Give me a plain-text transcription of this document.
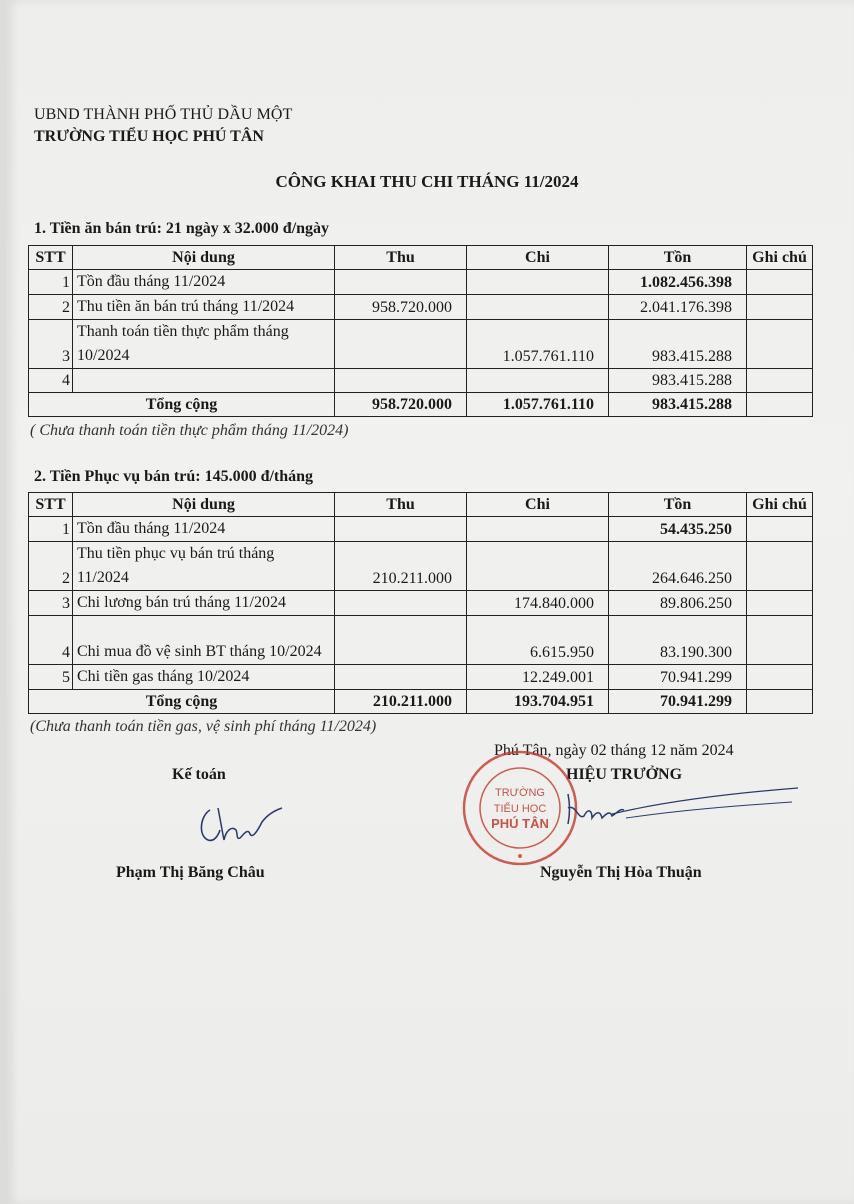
UBND THÀNH PHỐ THỦ DẦU MỘT
TRƯỜNG TIỂU HỌC PHÚ TÂN
CÔNG KHAI THU CHI THÁNG 11/2024
1. Tiền ăn bán trú: 21 ngày x 32.000 đ/ngày
STT	Nội dung	Thu	Chi	Tồn	Ghi chú
1	Tồn đầu tháng 11/2024			1.082.456.398	
2	Thu tiền ăn bán trú tháng 11/2024	958.720.000		2.041.176.398	
3	Thanh toán tiền thực phẩm tháng 10/2024		1.057.761.110	983.415.288	
4				983.415.288	
Tổng cộng		958.720.000	1.057.761.110	983.415.288	
( Chưa thanh toán tiền thực phẩm tháng 11/2024)
2. Tiền Phục vụ bán trú: 145.000 đ/tháng
STT	Nội dung	Thu	Chi	Tồn	Ghi chú
1	Tồn đầu tháng 11/2024			54.435.250	
2	Thu tiền phục vụ bán trú tháng 11/2024	210.211.000		264.646.250	
3	Chi lương bán trú tháng 11/2024		174.840.000	89.806.250	
4	Chi mua đồ vệ sinh BT tháng 10/2024		6.615.950	83.190.300	
5	Chi tiền gas tháng 10/2024		12.249.001	70.941.299	
Tổng cộng		210.211.000	193.704.951	70.941.299	
(Chưa thanh toán tiền gas, vệ sinh phí tháng 11/2024)
Phú Tân, ngày 02 tháng 12 năm 2024
Kế toán	HIỆU TRƯỞNG
Phạm Thị Băng Châu
TRƯỜNG
TIỂU HỌC
PHÚ TÂN
Nguyễn Thị Hòa Thuận
